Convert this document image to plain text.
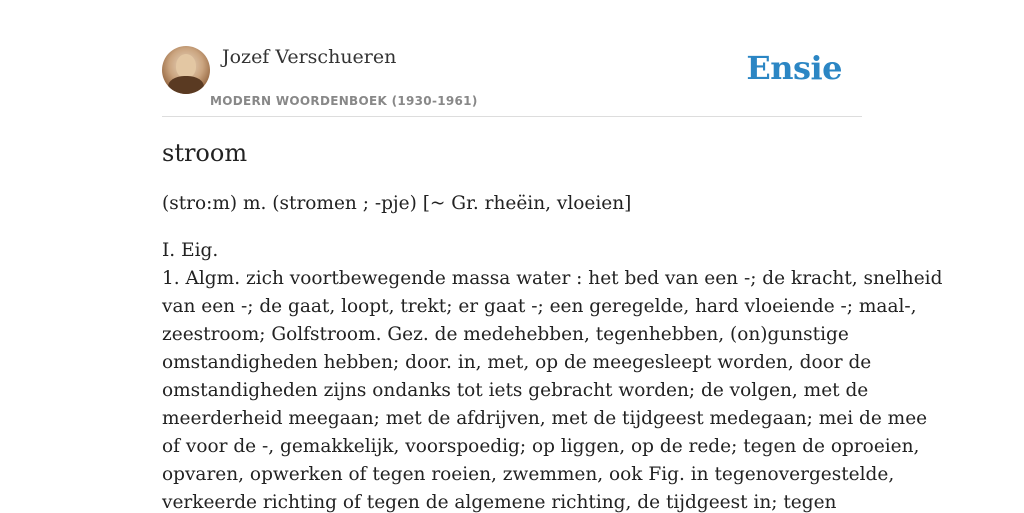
Jozef Verschueren
MODERN WOORDENBOEK (1930-1961)
Ensie
stroom
(stro:m) m. (stromen ; -pje) [~ Gr. rheëin, vloeien]
I. Eig.
1. Algm. zich voortbewegende massa water : het bed van een -; de kracht, snelheid
van een -; de gaat, loopt, trekt; er gaat -; een geregelde, hard vloeiende -; maal-,
zeestroom; Golfstroom. Gez. de medehebben, tegenhebben, (on)gunstige
omstandigheden hebben; door. in, met, op de meegesleept worden, door de
omstandigheden zijns ondanks tot iets gebracht worden; de volgen, met de
meerderheid meegaan; met de afdrijven, met de tijdgeest medegaan; mei de mee
of voor de -, gemakkelijk, voorspoedig; op liggen, op de rede; tegen de oproeien,
opvaren, opwerken of tegen roeien, zwemmen, ook Fig. in tegenovergestelde,
verkeerde richting of tegen de algemene richting, de tijdgeest in; tegen
